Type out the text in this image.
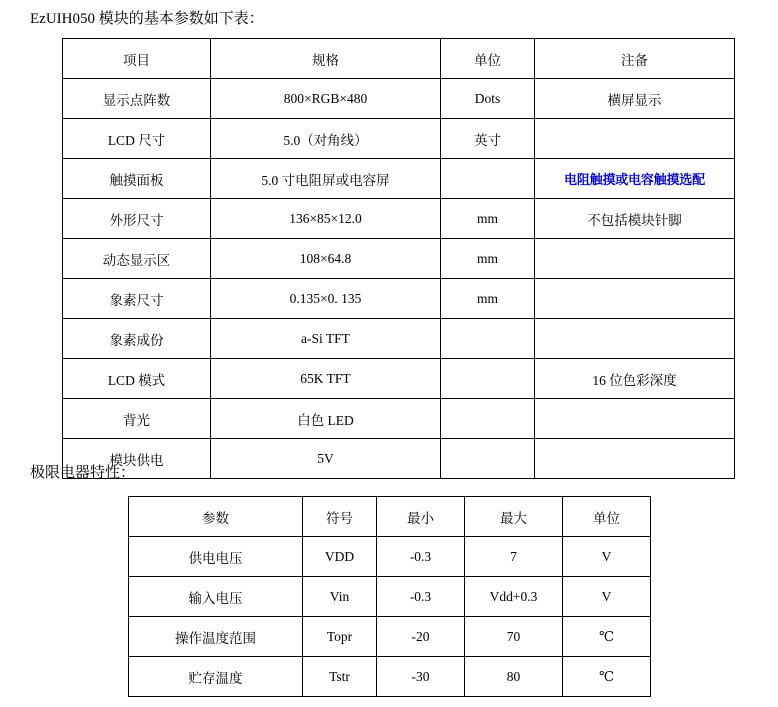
EzUIH050 模块的基本参数如下表：
项目	规格	单位	注备
显示点阵数	800×RGB×480	Dots	横屏显示
LCD 尺寸	5.0（对角线）	英寸	
触摸面板	5.0 寸电阻屏或电容屏		电阻触摸或电容触摸选配
外形尺寸	136×85×12.0	mm	不包括模块针脚
动态显示区	108×64.8	mm	
象素尺寸	0.135×0. 135	mm	
象素成份	a-Si TFT		
LCD 模式	65K TFT		16 位色彩深度
背光	白色 LED		
模块供电	5V		
极限电器特性：
参数	符号	最小	最大	单位
供电电压	VDD	-0.3	7	V
输入电压	Vin	-0.3	Vdd+0.3	V
操作温度范围	Topr	-20	70	℃
贮存温度	Tstr	-30	80	℃
